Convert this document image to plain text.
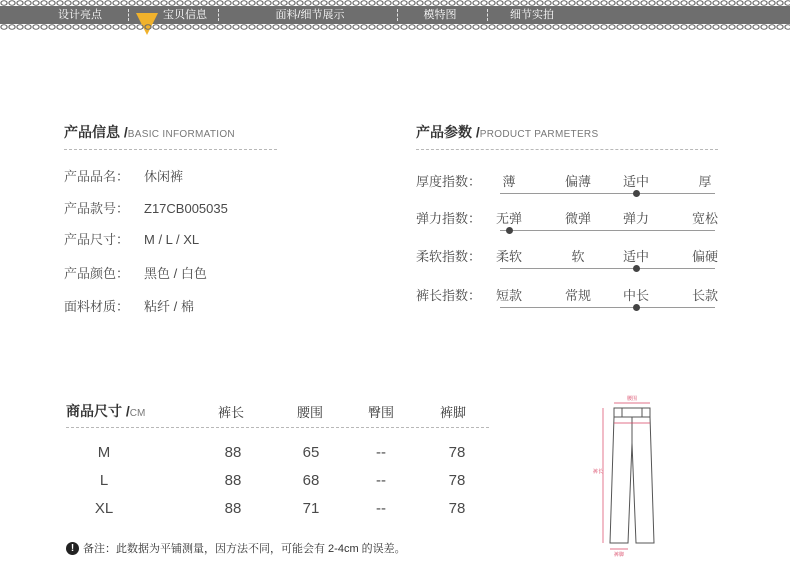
设计亮点	宝贝信息	面料/细节展示	模特图	细节实拍
产品信息 /BASIC INFORMATION
产品品名： 休闲裤
产品款号： Z17CB005035
产品尺寸： M / L / XL
产品颜色： 黑色 / 白色
面料材质： 粘纤 / 棉
产品参数 /PRODUCT PARMETERS
厚度指数：	薄	偏薄	适中	厚
弹力指数：	无弹	微弹	弹力	宽松
柔软指数：	柔软	软	适中	偏硬
裤长指数：	短款	常规	中长	长款
商品尺寸 /CM	裤长	腰围	臀围	裤脚
M	88	65	--	78
L	88	68	--	78
XL	88	71	--	78
! 备注：此数据为平铺测量，因方法不同，可能会有 2-4cm 的误差。
腰围
裤长
裤脚
